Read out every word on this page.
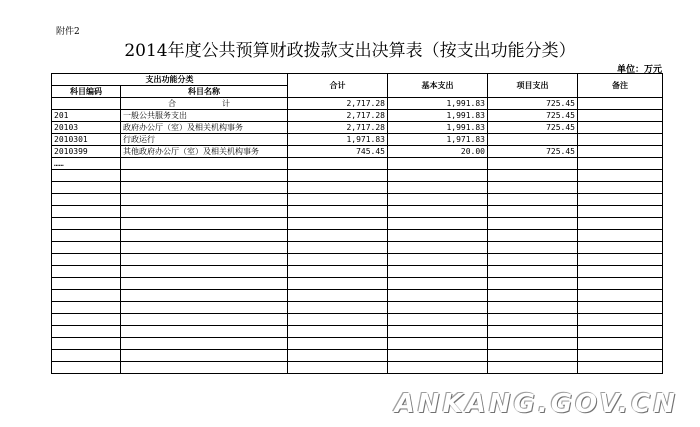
附件2
2014年度公共预算财政拨款支出决算表（按支出功能分类）
单位：万元
支出功能分类		合计	基本支出	项目支出	备注
科目编码	科目名称				
	合　　计	2,717.28	1,991.83	725.45	
201	一般公共服务支出	2,717.28	1,991.83	725.45	
20103	政府办公厅（室）及相关机构事务	2,717.28	1,991.83	725.45	
2010301	行政运行	1,971.83	1,971.83		
2010399	其他政府办公厅（室）及相关机构事务	745.45	20.00	725.45	
……					

ANKANG.GOV.CN
